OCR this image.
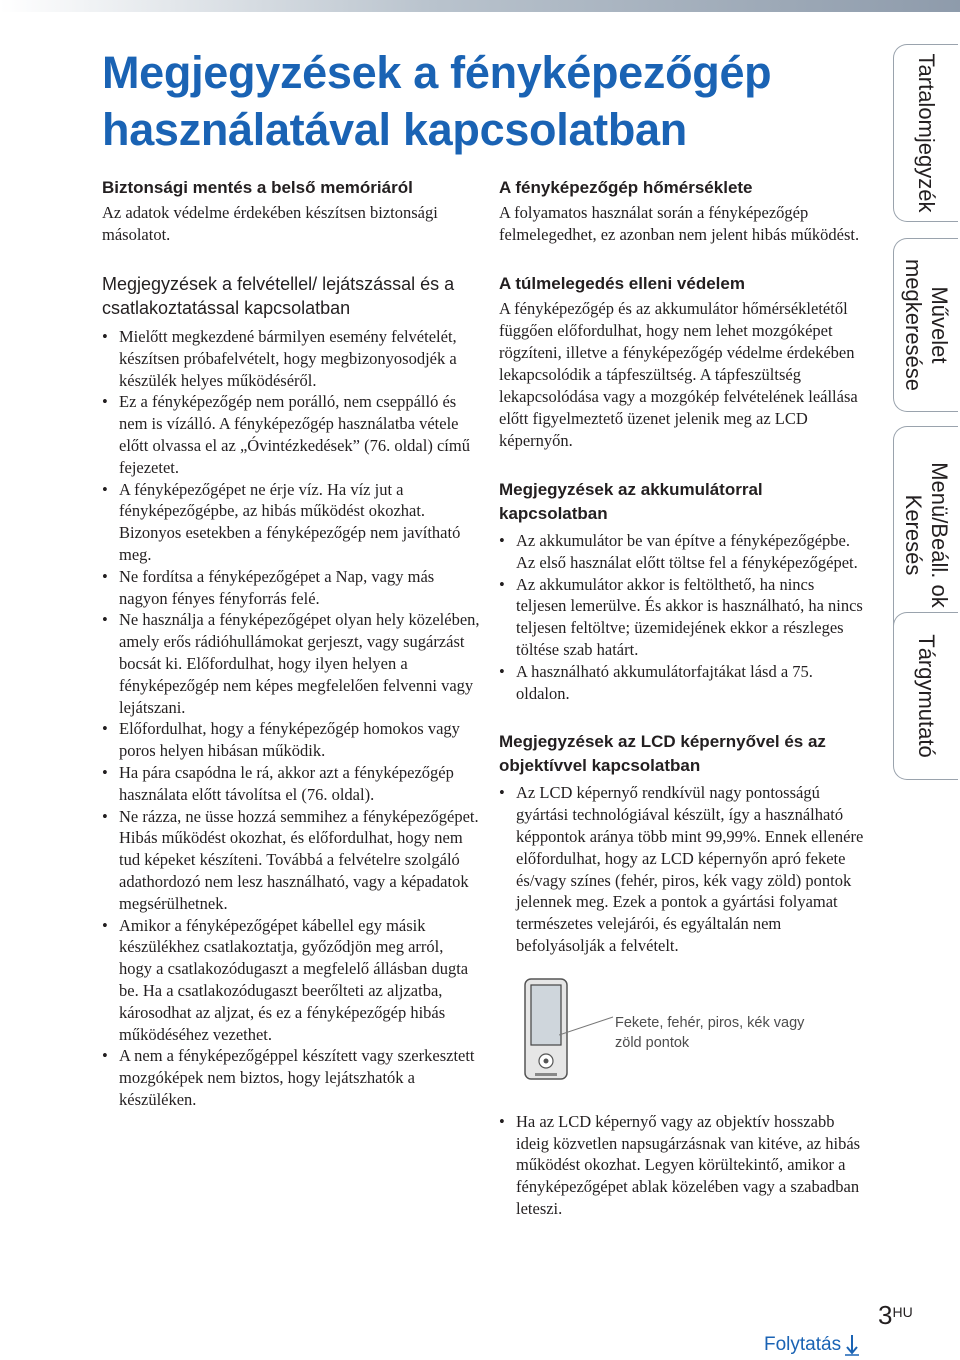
Megjegyzések a fényképezőgép használatával kapcsolatban
Biztonsági mentés a belső memóriáról

Az adatok védelme érdekében készítsen biztonsági másolatot.

Megjegyzések a felvétellel/ lejátszással és a csatlakoztatással kapcsolatban
• Mielőtt megkezdené bármilyen esemény felvételét, készítsen próbafelvételt, hogy megbizonyosodjék a készülék helyes működéséről.
• Ez a fényképezőgép nem porálló, nem cseppálló és nem is vízálló. A fényképezőgép használatba vétele előtt olvassa el az „Óvintézkedések” (76. oldal) című fejezetet.
• A fényképezőgépet ne érje víz. Ha víz jut a fényképezőgépbe, az hibás működést okozhat. Bizonyos esetekben a fényképezőgép nem javítható meg.
• Ne fordítsa a fényképezőgépet a Nap, vagy más nagyon fényes fényforrás felé.
• Ne használja a fényképezőgépet olyan hely közelében, amely erős rádióhullámokat gerjeszt, vagy sugárzást bocsát ki. Előfordulhat, hogy ilyen helyen a fényképezőgép nem képes megfelelően felvenni vagy lejátszani.
• Előfordulhat, hogy a fényképezőgép homokos vagy poros helyen hibásan működik.
• Ha pára csapódna le rá, akkor azt a fényképezőgép használata előtt távolítsa el (76. oldal).
• Ne rázza, ne üsse hozzá semmihez a fényképezőgépet. Hibás működést okozhat, és előfordulhat, hogy nem tud képeket készíteni. Továbbá a felvételre szolgáló adathordozó nem lesz használható, vagy a képadatok megsérülhetnek.
• Amikor a fényképezőgépet kábellel egy másik készülékhez csatlakoztatja, győződjön meg arról, hogy a csatlakozódugaszt a megfelelő állásban dugta be. Ha a csatlakozódugaszt beerőlteti az aljzatba, károsodhat az aljzat, és ez a fényképezőgép hibás működéséhez vezethet.
• A nem a fényképezőgéppel készített vagy szerkesztett mozgóképek nem biztos, hogy lejátszhatók a készüléken.
A fényképezőgép hőmérséklete

A folyamatos használat során a fényképezőgép felmelegedhet, ez azonban nem jelent hibás működést.

A túlmelegedés elleni védelem

A fényképezőgép és az akkumulátor hőmérsékletétől függően előfordulhat, hogy nem lehet mozgóképet rögzíteni, illetve a fényképezőgép védelme érdekében lekapcsolódik a tápfeszültség. A tápfeszültség lekapcsolódása vagy a mozgókép felvételének leállása előtt figyelmeztető üzenet jelenik meg az LCD képernyőn.

Megjegyzések az akkumulátorral kapcsolatban
• Az akkumulátor be van építve a fényképezőgépbe. Az első használat előtt töltse fel a fényképezőgépet.
• Az akkumulátor akkor is feltölthető, ha nincs teljesen lemerülve. És akkor is használható, ha nincs teljesen feltöltve; üzemidejének ekkor a részleges töltése szab határt.
• A használható akkumulátorfajtákat lásd a 75. oldalon.
Megjegyzések az LCD képernyővel és az objektívvel kapcsolatban
• Az LCD képernyő rendkívül nagy pontosságú gyártási technológiával készült, így a használható képpontok aránya több mint 99,99%. Ennek ellenére előfordulhat, hogy az LCD képernyőn apró fekete és/vagy színes (fehér, piros, kék vagy zöld) pontok jelennek meg. Ezek a pontok a gyártási folyamat természetes velejárói, és egyáltalán nem befolyásolják a felvételt.
Fekete, fehér, piros, kék vagy zöld pontok
• Ha az LCD képernyő vagy az objektív hosszabb ideig közvetlen napsugárzásnak van kitéve, az hibás működést okozhat. Legyen körültekintő, amikor a fényképezőgépet ablak közelében vagy a szabadban leteszi.
Tartalomjegyzék
Művelet
megkeresése
Menü/Beáll. ok
Keresés
Tárgymutató
$3^{HU}$
Folytatás
